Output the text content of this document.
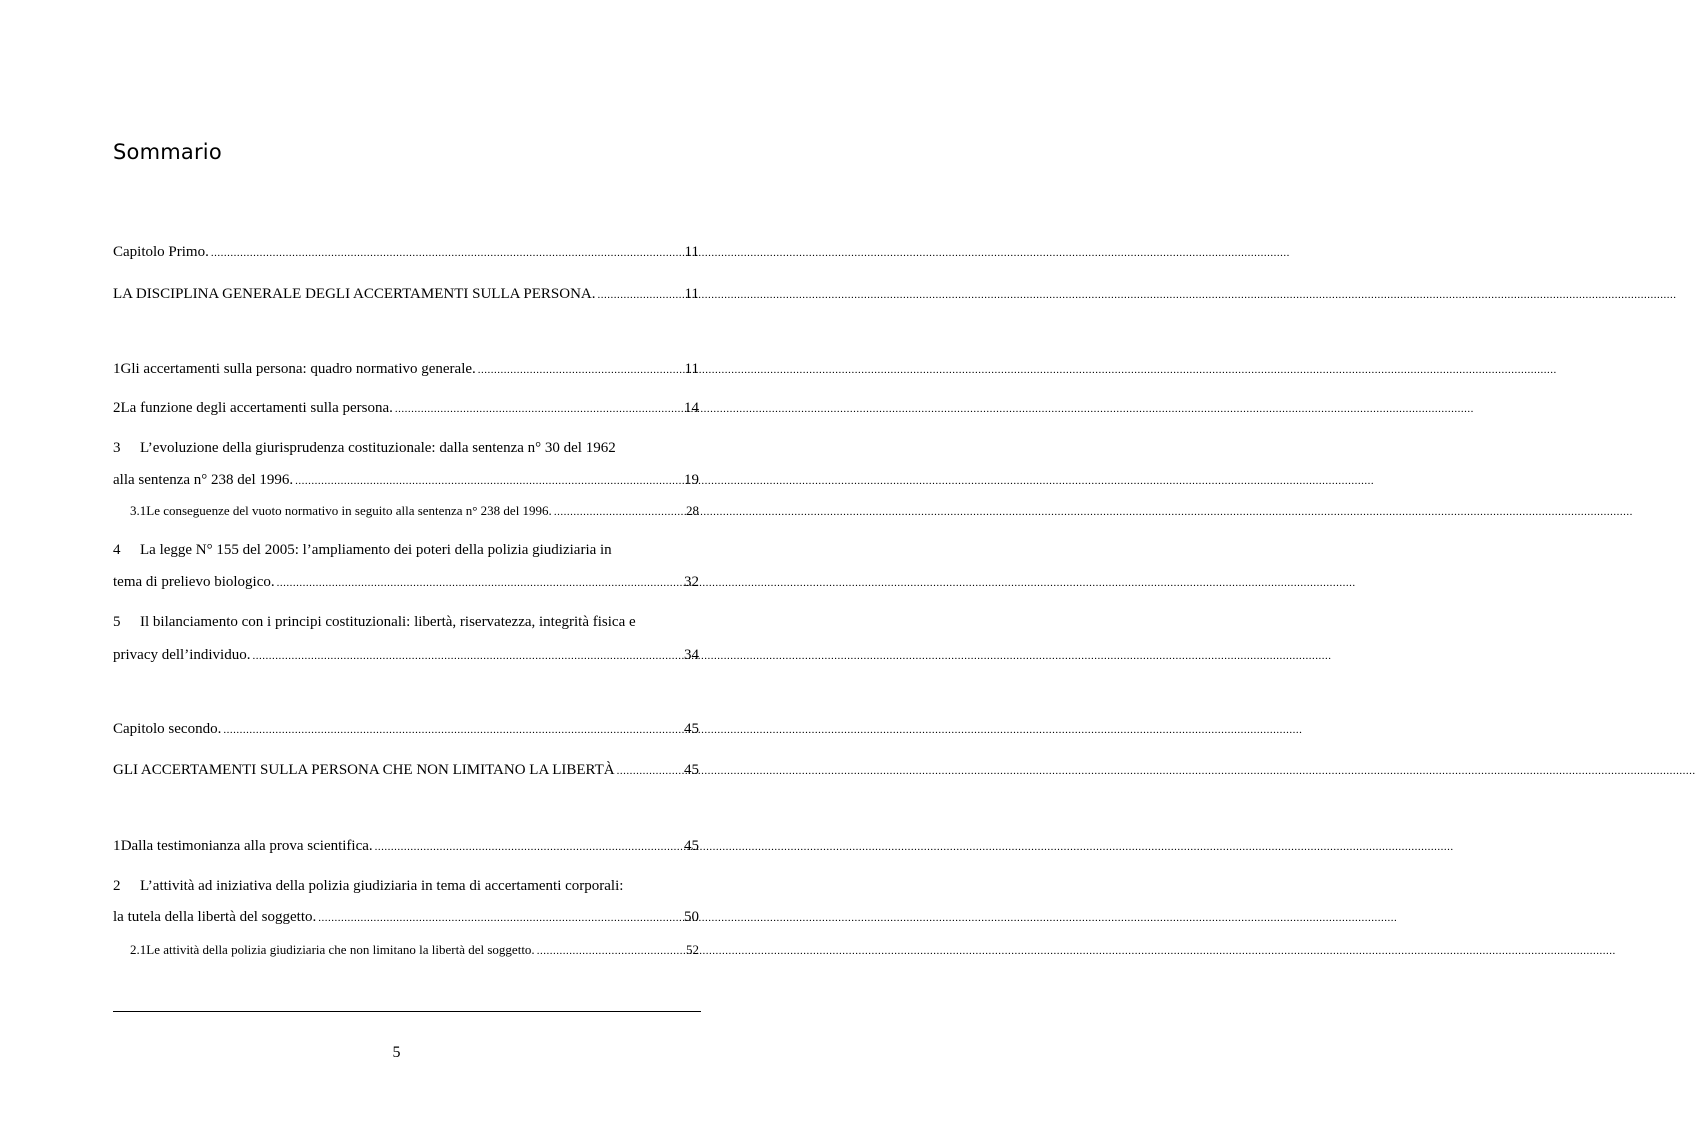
Sommario
Capitolo Primo. .....	11
LA DISCIPLINA GENERALE DEGLI ACCERTAMENTI SULLA PERSONA. .....	11
1 Gli accertamenti sulla persona: quadro normativo generale. .....	11
2 La funzione degli accertamenti sulla persona. .....	14
3	L’evoluzione della giurisprudenza costituzionale: dalla sentenza n° 30 del 1962
alla sentenza n° 238 del 1996. .....	19
3.1 Le conseguenze del vuoto normativo in seguito alla sentenza n° 238 del 1996. .....	28
4	La legge N° 155 del 2005: l’ampliamento dei poteri della polizia giudiziaria in
tema di prelievo biologico. .....	32
5	Il bilanciamento con i principi costituzionali: libertà, riservatezza, integrità fisica e
privacy dell’individuo. .....	34
Capitolo secondo. .....	45
GLI ACCERTAMENTI SULLA PERSONA CHE NON LIMITANO LA LIBERTÀ .....	45
1 Dalla testimonianza alla prova scientifica. .....	45
2	L’attività ad iniziativa della polizia giudiziaria in tema di accertamenti corporali:
la tutela della libertà del soggetto. .....	50
2.1 Le attività della polizia giudiziaria che non limitano la libertà del soggetto. .....	52
5
